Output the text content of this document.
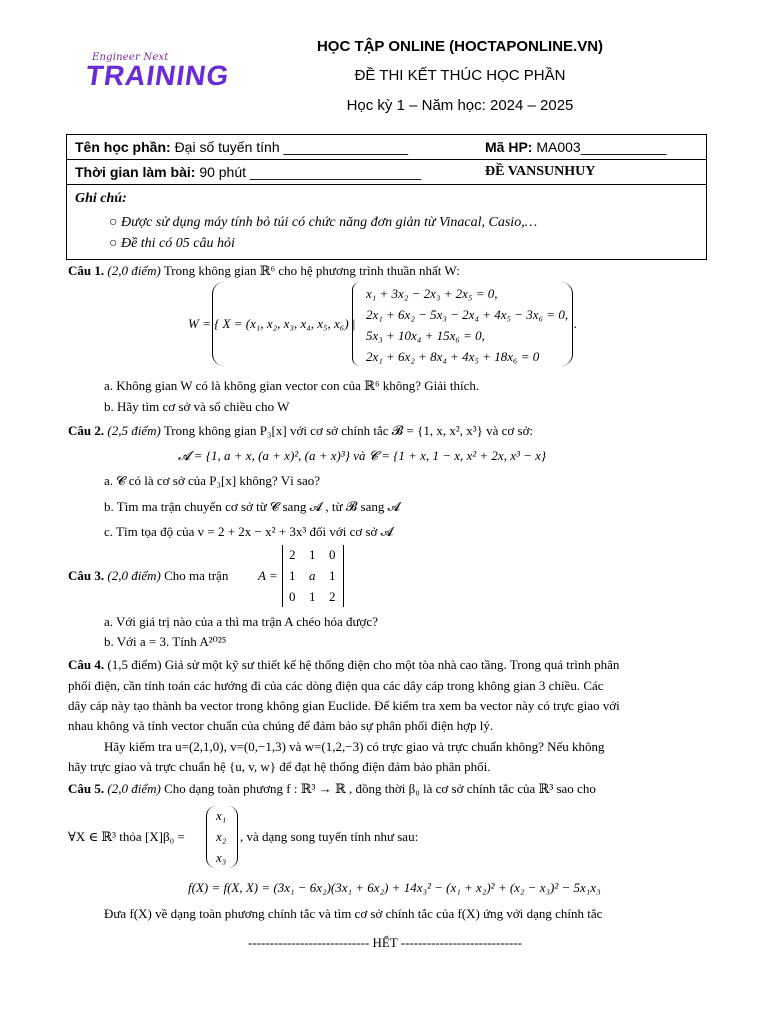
Engineer Next
TRAINING
HỌC TẬP ONLINE (HOCTAPONLINE.VN)
ĐỀ THI KẾT THÚC HỌC PHẦN
Học kỳ 1 – Năm học: 2024 – 2025
Tên học phần: Đại số tuyến tính ________________	Mã HP: MA003___________
Thời gian làm bài: 90 phút ______________________	ĐỀ VANSUNHUY
Ghi chú:
○ Được sử dụng máy tính bỏ túi có chức năng đơn giản từ Vinacal, Casio,…
○ Đề thi có 05 câu hỏi
Câu 1. (2,0 điểm) Trong không gian ℝ⁶ cho hệ phương trình thuần nhất W:
W = { X = (x₁, x₂, x₃, x₄, x₅, x₆) |	.
x₁ + 3x₂ − 2x₃ + 2x₅ = 0,
2x₁ + 6x₂ − 5x₃ − 2x₄ + 4x₅ − 3x₆ = 0,
5x₃ + 10x₄ + 15x₆ = 0,
2x₁ + 6x₂ + 8x₄ + 4x₅ + 18x₆ = 0
a. Không gian W có là không gian vector con của ℝ⁶ không? Giải thích.
b. Hãy tìm cơ sở và số chiều cho W
Câu 2. (2,5 điểm) Trong không gian P₃[x] với cơ sở chính tắc 𝓑 = {1, x, x², x³} và cơ sở:
𝓐 = {1, a + x, (a + x)², (a + x)³} và 𝓒 = {1 + x, 1 − x, x² + 2x, x³ − x}
a. 𝓒 có là cơ sở của P₃[x] không? Vì sao?
b. Tìm ma trận chuyển cơ sở từ 𝓒 sang 𝓐 , từ 𝓑 sang 𝓐
c. Tìm tọa độ của v = 2 + 2x − x² + 3x³ đối với cơ sở 𝓐
Câu 3. (2,0 điểm) Cho ma trận A =
2 1 0
1 a 1
0 1 2
a. Với giá trị nào của a thì ma trận A chéo hóa được?
b. Với a = 3. Tính A²⁰²⁵
Câu 4. (1,5 điểm) Giả sử một kỹ sư thiết kế hệ thống điện cho một tòa nhà cao tầng. Trong quá trình phân
phối điện, cần tính toán các hướng đi của các dòng điện qua các dây cáp trong không gian 3 chiều. Các
dây cáp này tạo thành ba vector trong không gian Euclide. Để kiểm tra xem ba vector này có trực giao với
nhau không và tính vector chuẩn của chúng để đảm bảo sự phân phối điện hợp lý.
Hãy kiểm tra u=(2,1,0), v=(0,−1,3) và w=(1,2,−3) có trực giao và trực chuẩn không? Nếu không
hãy trực giao và trực chuẩn hệ {u, v, w} để đạt hệ thống điện đảm bảo phân phối.
Câu 5. (2,0 điểm) Cho dạng toàn phương f : ℝ³ → ℝ , đồng thời β₀ là cơ sở chính tắc của ℝ³ sao cho
∀X ∈ ℝ³ thỏa [X]β₀ =
x₁
x₂
x₃
, và dạng song tuyến tính như sau:
f(X) = f(X, X) = (3x₁ − 6x₂)(3x₁ + 6x₂) + 14x₃² − (x₁ + x₂)² + (x₂ − x₃)² − 5x₁x₃
Đưa f(X) về dạng toàn phương chính tắc và tìm cơ sở chính tắc của f(X) ứng với dạng chính tắc
---------------------------- HẾT ----------------------------
